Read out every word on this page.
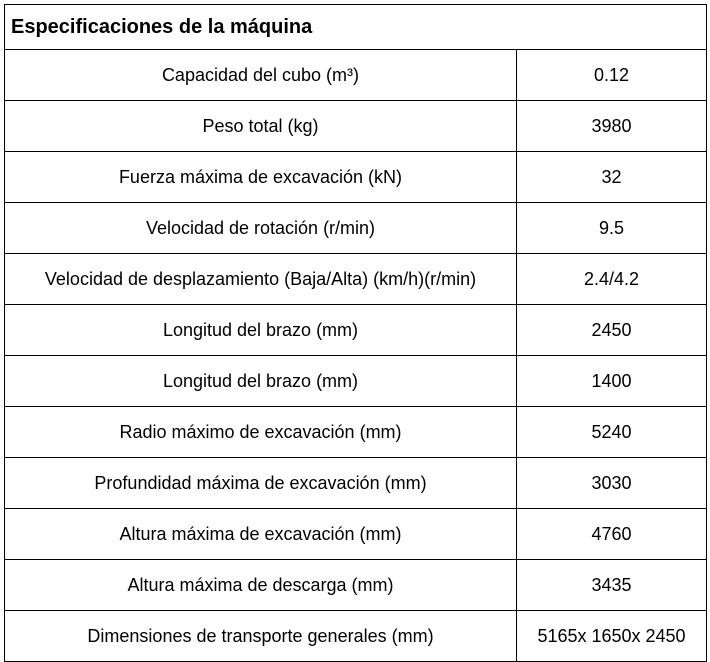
Especificaciones de la máquina	
Capacidad del cubo (m³)	0.12
Peso total (kg)	3980
Fuerza máxima de excavación (kN)	32
Velocidad de rotación (r/min)	9.5
Velocidad de desplazamiento (Baja/Alta) (km/h)(r/min)	2.4/4.2
Longitud del brazo (mm)	2450
Longitud del brazo (mm)	1400
Radio máximo de excavación (mm)	5240
Profundidad máxima de excavación (mm)	3030
Altura máxima de excavación (mm)	4760
Altura máxima de descarga (mm)	3435
Dimensiones de transporte generales (mm)	5165x 1650x 2450
